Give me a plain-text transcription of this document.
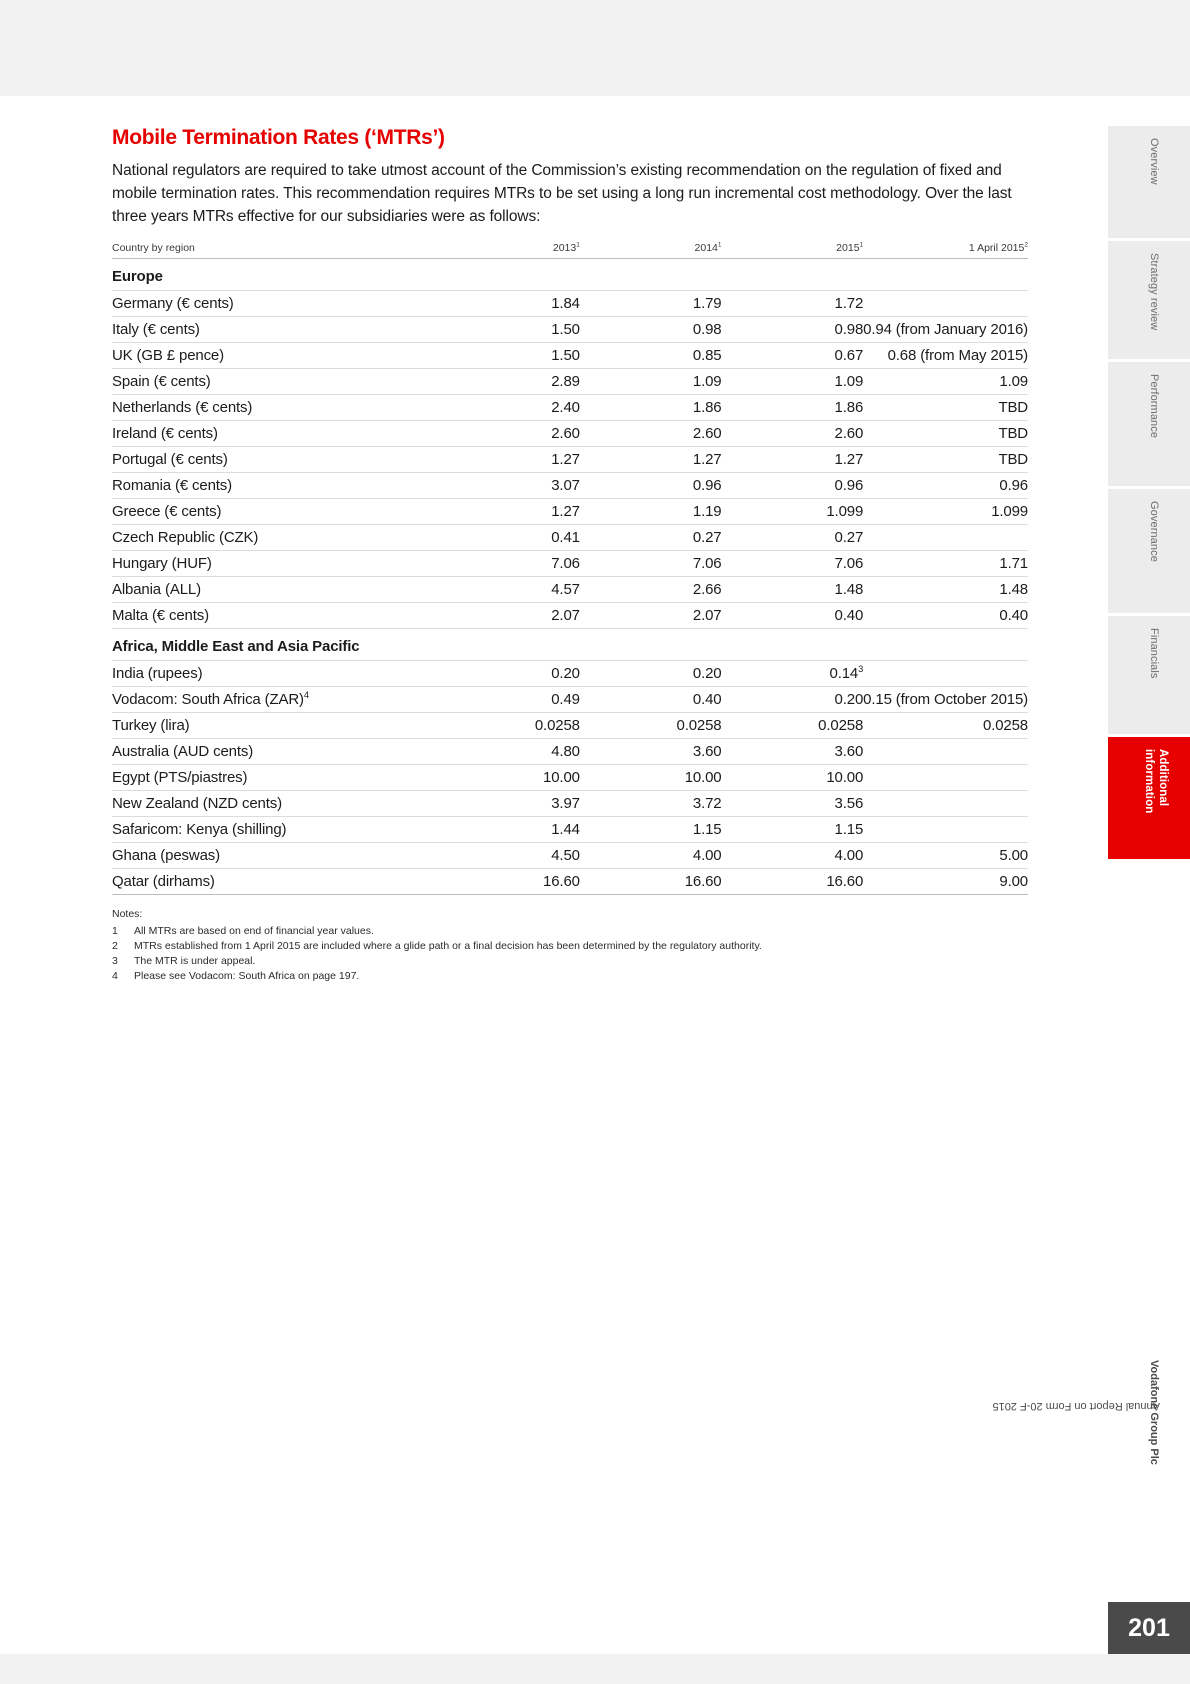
Mobile Termination Rates (‘MTRs’)

National regulators are required to take utmost account of the Commission’s existing recommendation on the regulation of fixed and mobile termination rates. This recommendation requires MTRs to be set using a long run incremental cost methodology. Over the last three years MTRs effective for our subsidiaries were as follows:

Country by region	2013$^1$	2014$^1$	2015$^1$	1 April 2015$^2$
Europe				
Germany (€ cents)	1.84	1.79	1.72	
Italy (€ cents)	1.50	0.98	0.98	0.94 (from January 2016)
UK (GB £ pence)	1.50	0.85	0.67	0.68 (from May 2015)
Spain (€ cents)	2.89	1.09	1.09	1.09
Netherlands (€ cents)	2.40	1.86	1.86	TBD
Ireland (€ cents)	2.60	2.60	2.60	TBD
Portugal (€ cents)	1.27	1.27	1.27	TBD
Romania (€ cents)	3.07	0.96	0.96	0.96
Greece (€ cents)	1.27	1.19	1.099	1.099
Czech Republic (CZK)	0.41	0.27	0.27	
Hungary (HUF)	7.06	7.06	7.06	1.71
Albania (ALL)	4.57	2.66	1.48	1.48
Malta (€ cents)	2.07	2.07	0.40	0.40
Africa, Middle East and Asia Pacific				
India (rupees)	0.20	0.20	0.14$^3$	
Vodacom: South Africa (ZAR)$^4$	0.49	0.40	0.20	0.15 (from October 2015)
Turkey (lira)	0.0258	0.0258	0.0258	0.0258
Australia (AUD cents)	4.80	3.60	3.60	
Egypt (PTS/piastres)	10.00	10.00	10.00	
New Zealand (NZD cents)	3.97	3.72	3.56	
Safaricom: Kenya (shilling)	1.44	1.15	1.15	
Ghana (peswas)	4.50	4.00	4.00	5.00
Qatar (dirhams)	16.60	16.60	16.60	9.00
Notes:
1	All MTRs are based on end of financial year values.
2	MTRs established from 1 April 2015 are included where a glide path or a final decision has been determined by the regulatory authority.
3	The MTR is under appeal.
4	Please see Vodacom: South Africa on page 197.
Overview
Strategy review
Performance
Governance
Financials
Additional
information
Vodafone Group Plc
Annual Report on Form 20-F 2015
201
